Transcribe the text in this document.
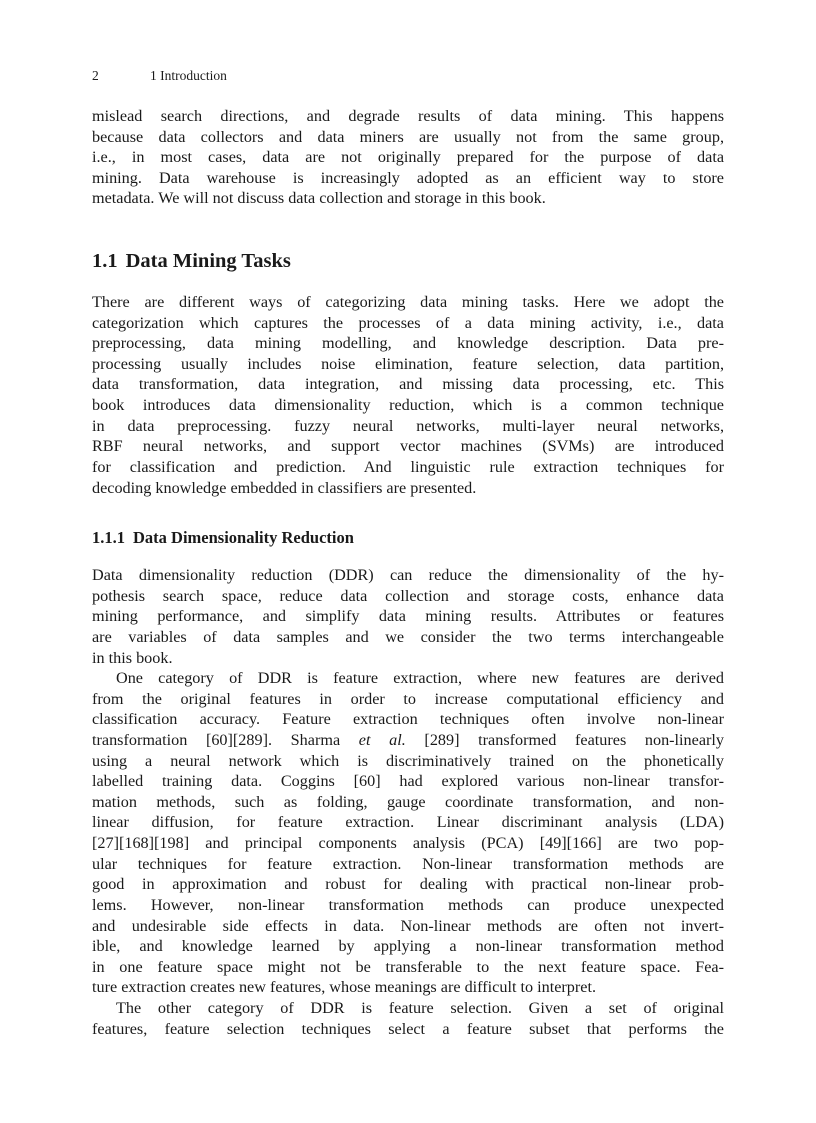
2	1 Introduction
mislead search directions, and degrade results of data mining. This happens
because data collectors and data miners are usually not from the same group,
i.e., in most cases, data are not originally prepared for the purpose of data
mining. Data warehouse is increasingly adopted as an efficient way to store
metadata. We will not discuss data collection and storage in this book.
1.1 Data Mining Tasks
There are different ways of categorizing data mining tasks. Here we adopt the
categorization which captures the processes of a data mining activity, i.e., data
preprocessing, data mining modelling, and knowledge description. Data pre-
processing usually includes noise elimination, feature selection, data partition,
data transformation, data integration, and missing data processing, etc. This
book introduces data dimensionality reduction, which is a common technique
in data preprocessing. fuzzy neural networks, multi-layer neural networks,
RBF neural networks, and support vector machines (SVMs) are introduced
for classification and prediction. And linguistic rule extraction techniques for
decoding knowledge embedded in classifiers are presented.
1.1.1 Data Dimensionality Reduction
Data dimensionality reduction (DDR) can reduce the dimensionality of the hy-
pothesis search space, reduce data collection and storage costs, enhance data
mining performance, and simplify data mining results. Attributes or features
are variables of data samples and we consider the two terms interchangeable
in this book.
One category of DDR is feature extraction, where new features are derived
from the original features in order to increase computational efficiency and
classification accuracy. Feature extraction techniques often involve non-linear
transformation [60][289]. Sharma et al. [289] transformed features non-linearly
using a neural network which is discriminatively trained on the phonetically
labelled training data. Coggins [60] had explored various non-linear transfor-
mation methods, such as folding, gauge coordinate transformation, and non-
linear diffusion, for feature extraction. Linear discriminant analysis (LDA)
[27][168][198] and principal components analysis (PCA) [49][166] are two pop-
ular techniques for feature extraction. Non-linear transformation methods are
good in approximation and robust for dealing with practical non-linear prob-
lems. However, non-linear transformation methods can produce unexpected
and undesirable side effects in data. Non-linear methods are often not invert-
ible, and knowledge learned by applying a non-linear transformation method
in one feature space might not be transferable to the next feature space. Fea-
ture extraction creates new features, whose meanings are difficult to interpret.
The other category of DDR is feature selection. Given a set of original
features, feature selection techniques select a feature subset that performs the
